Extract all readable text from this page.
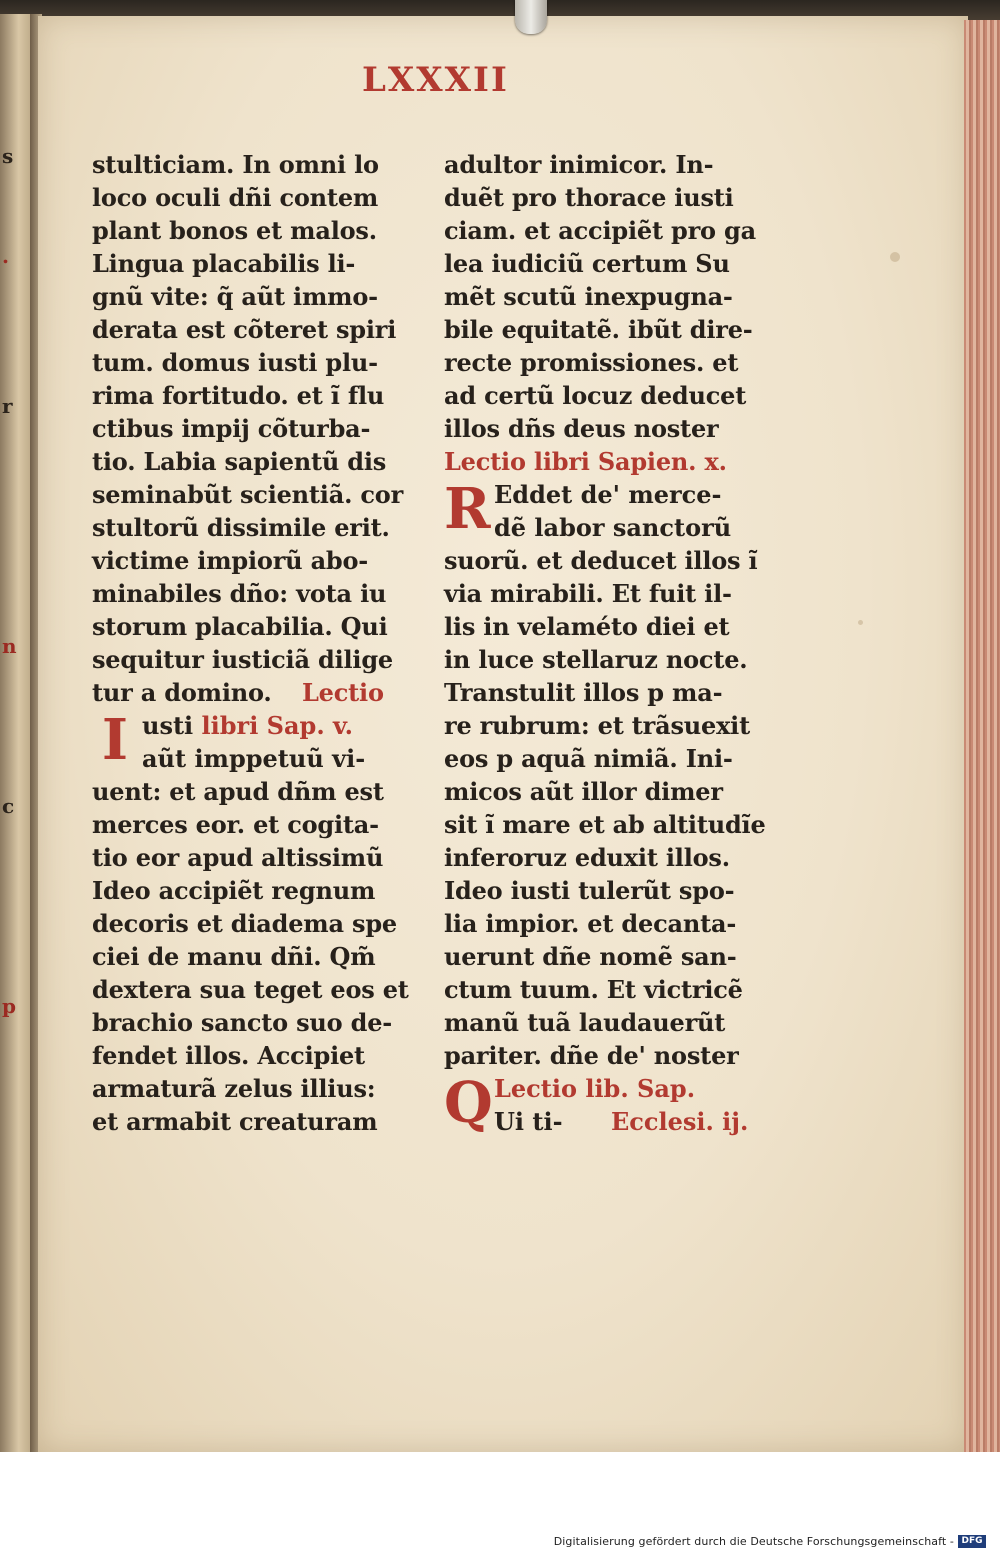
s
.
r
n
c
p
LXXXII
stulticiam. In omni lo
loco oculi dñi contem
plant bonos et malos.
Lingua placabilis li-
gnũ vite: q̃ aũt immo-
derata est cõteret spiri
tum. domus iusti plu-
rima fortitudo. et ĩ flu
ctibus impij cõturba-
tio. Labia sapientũ dis
seminabũt scientiã. cor
stultorũ dissimile erit.
victime impiorũ abo-
minabiles dño: vota iu
storum placabilia. Qui
sequitur iusticiã dilige
tur a domino. Lectio
I usti libri Sap. v.
aũt imppetuũ vi-
uent: et apud dñm est
merces eor. et cogita-
tio eor apud altissimũ
Ideo accipiẽt regnum
decoris et diadema spe
ciei de manu dñi. Qm̃
dextera sua teget eos et
brachio sancto suo de-
fendet illos. Accipiet
armaturã zelus illius:
et armabit creaturam
adultor inimicor. In-
duẽt pro thorace iusti
ciam. et accipiẽt pro ga
lea iudiciũ certum Su
mẽt scutũ inexpugna-
bile equitatẽ. ibũt dire-
recte promissiones. et
ad certũ locuz deducet
illos dñs deus noster
Lectio libri Sapien. x.
R Eddet de' merce-
dẽ labor sanctorũ
suorũ. et deducet illos ĩ
via mirabili. Et fuit il-
lis in velaméto diei et
in luce stellaruz nocte.
Transtulit illos p ma-
re rubrum: et trãsuexit
eos p aquã nimiã. Ini-
micos aũt illor dimer
sit ĩ mare et ab altitudĩe
inferoruz eduxit illos.
Ideo iusti tulerũt spo-
lia impior. et decanta-
uerunt dñe nomẽ san-
ctum tuum. Et victricẽ
manũ tuã laudauerũt
pariter. dñe de' noster
Q Lectio lib. Sap.
Ui ti- Ecclesi. ij.
Digitalisierung gefördert durch die Deutsche Forschungsgemeinschaft - DFG
